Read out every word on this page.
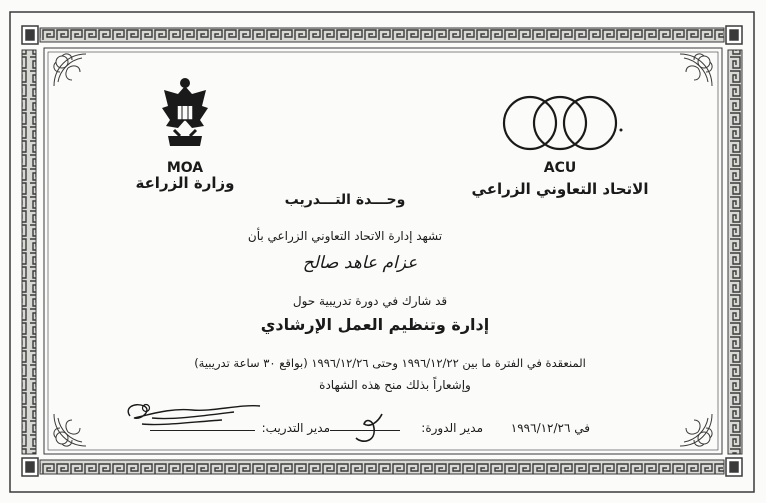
MOA
وزارة الزراعة
ACU
الاتحاد التعاوني الزراعي
وحـــدة التـــدريب
تشهد إدارة الاتحاد التعاوني الزراعي بأن
عزام عاهد صالح
قد شارك في دورة تدريبية حول
إدارة وتنظيم العمل الإرشادي
المنعقدة في الفترة ما بين ١٩٩٦/١٢/٢٢ وحتى ١٩٩٦/١٢/٢٦ (بواقع ٣٠ ساعة تدريبية)
وإشعاراً بذلك منح هذه الشهادة
في ١٩٩٦/١٢/٢٦
مدير الدورة:
مدير التدريب:
